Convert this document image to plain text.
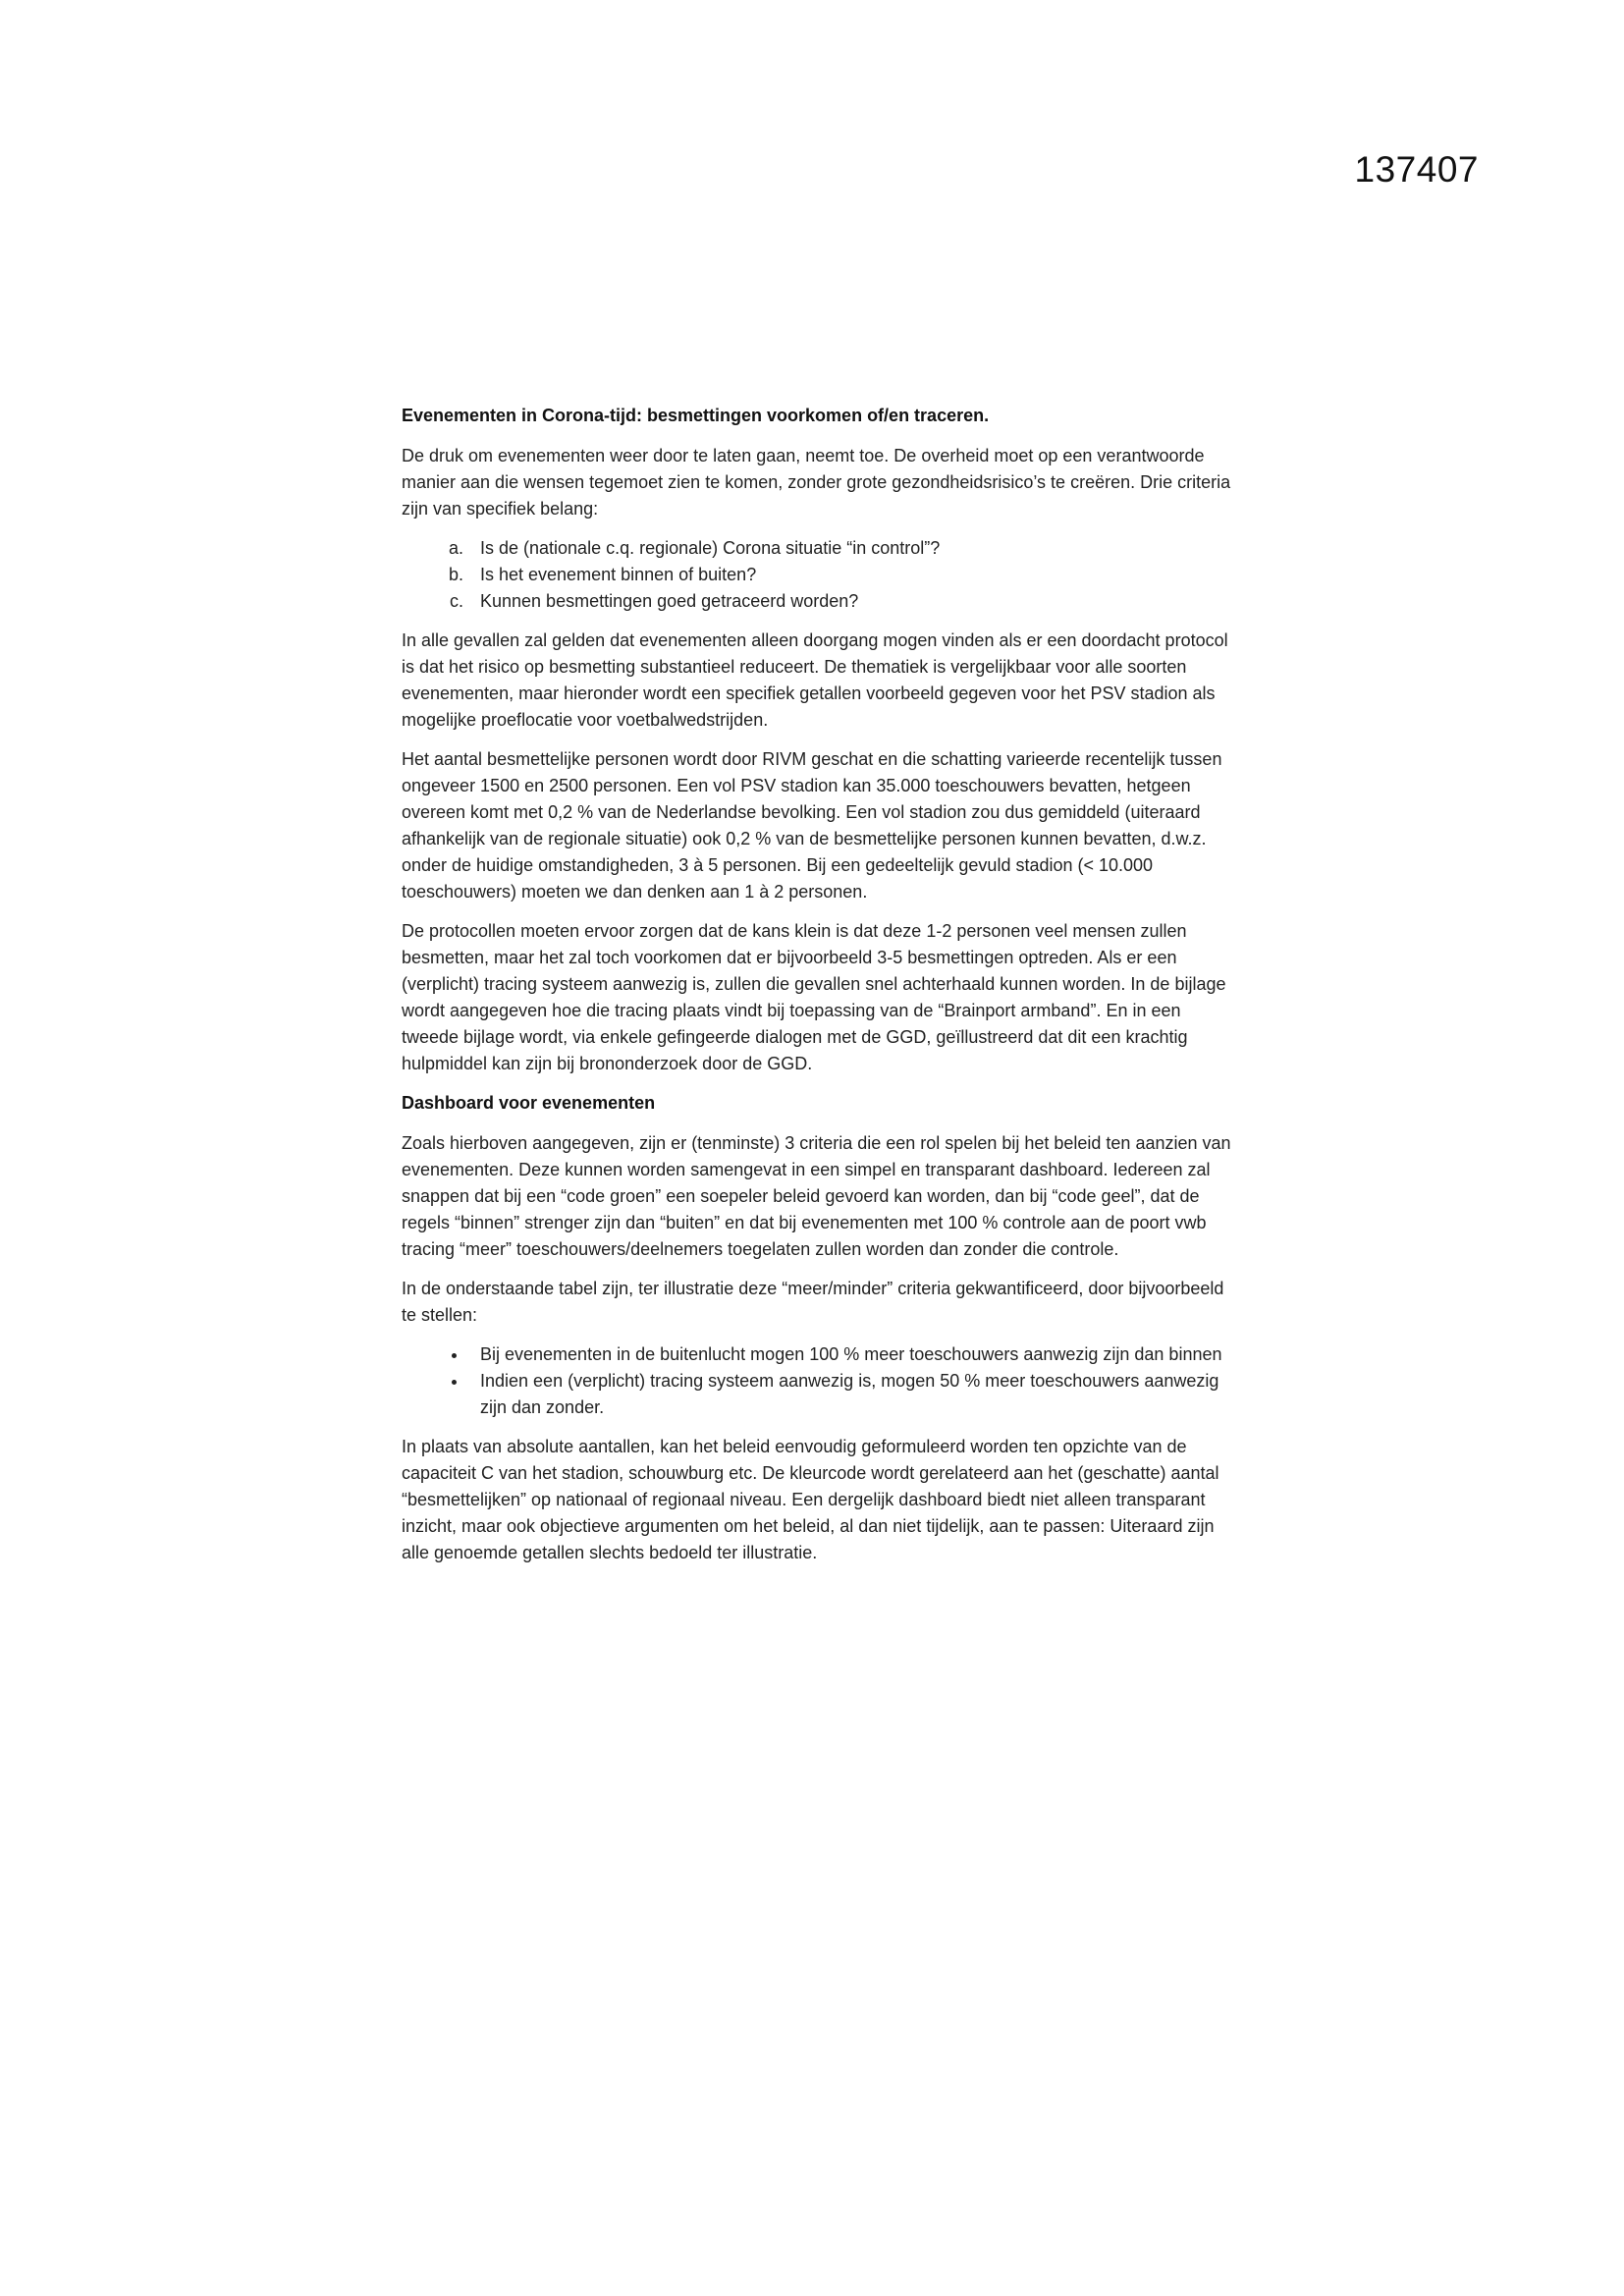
137407
Evenementen in Corona-tijd: besmettingen voorkomen of/en traceren.

De druk om evenementen weer door te laten gaan, neemt toe. De overheid moet op een verantwoorde manier aan die wensen tegemoet zien te komen, zonder grote gezondheidsrisico’s te creëren. Drie criteria zijn van specifiek belang:

a. Is de (nationale c.q. regionale) Corona situatie “in control”?
b. Is het evenement binnen of buiten?
c. Kunnen besmettingen goed getraceerd worden?

In alle gevallen zal gelden dat evenementen alleen doorgang mogen vinden als er een doordacht protocol is dat het risico op besmetting substantieel reduceert. De thematiek is vergelijkbaar voor alle soorten evenementen, maar hieronder wordt een specifiek getallen voorbeeld gegeven voor het PSV stadion als mogelijke proeflocatie voor voetbalwedstrijden.

Het aantal besmettelijke personen wordt door RIVM geschat en die schatting varieerde recentelijk tussen ongeveer 1500 en 2500 personen. Een vol PSV stadion kan 35.000 toeschouwers bevatten, hetgeen overeen komt met 0,2 % van de Nederlandse bevolking. Een vol stadion zou dus gemiddeld (uiteraard afhankelijk van de regionale situatie) ook 0,2 % van de besmettelijke personen kunnen bevatten, d.w.z. onder de huidige omstandigheden, 3 à 5 personen. Bij een gedeeltelijk gevuld stadion (< 10.000 toeschouwers) moeten we dan denken aan 1 à 2 personen.

De protocollen moeten ervoor zorgen dat de kans klein is dat deze 1-2 personen veel mensen zullen besmetten, maar het zal toch voorkomen dat er bijvoorbeeld 3-5 besmettingen optreden. Als er een (verplicht) tracing systeem aanwezig is, zullen die gevallen snel achterhaald kunnen worden. In de bijlage wordt aangegeven hoe die tracing plaats vindt bij toepassing van de “Brainport armband”. En in een tweede bijlage wordt, via enkele gefingeerde dialogen met de GGD, geïllustreerd dat dit een krachtig hulpmiddel kan zijn bij brononderzoek door de GGD.

Dashboard voor evenementen

Zoals hierboven aangegeven, zijn er (tenminste) 3 criteria die een rol spelen bij het beleid ten aanzien van evenementen. Deze kunnen worden samengevat in een simpel en transparant dashboard. Iedereen zal snappen dat bij een “code groen” een soepeler beleid gevoerd kan worden, dan bij “code geel”, dat de regels “binnen” strenger zijn dan “buiten” en dat bij evenementen met 100 % controle aan de poort vwb tracing “meer” toeschouwers/deelnemers toegelaten zullen worden dan zonder die controle.

In de onderstaande tabel zijn, ter illustratie deze “meer/minder” criteria gekwantificeerd, door bijvoorbeeld te stellen:

• Bij evenementen in de buitenlucht mogen 100 % meer toeschouwers aanwezig zijn dan binnen
• Indien een (verplicht) tracing systeem aanwezig is, mogen 50 % meer toeschouwers aanwezig zijn dan zonder.

In plaats van absolute aantallen, kan het beleid eenvoudig geformuleerd worden ten opzichte van de capaciteit C van het stadion, schouwburg etc. De kleurcode wordt gerelateerd aan het (geschatte) aantal “besmettelijken” op nationaal of regionaal niveau. Een dergelijk dashboard biedt niet alleen transparant inzicht, maar ook objectieve argumenten om het beleid, al dan niet tijdelijk, aan te passen: Uiteraard zijn alle genoemde getallen slechts bedoeld ter illustratie.
